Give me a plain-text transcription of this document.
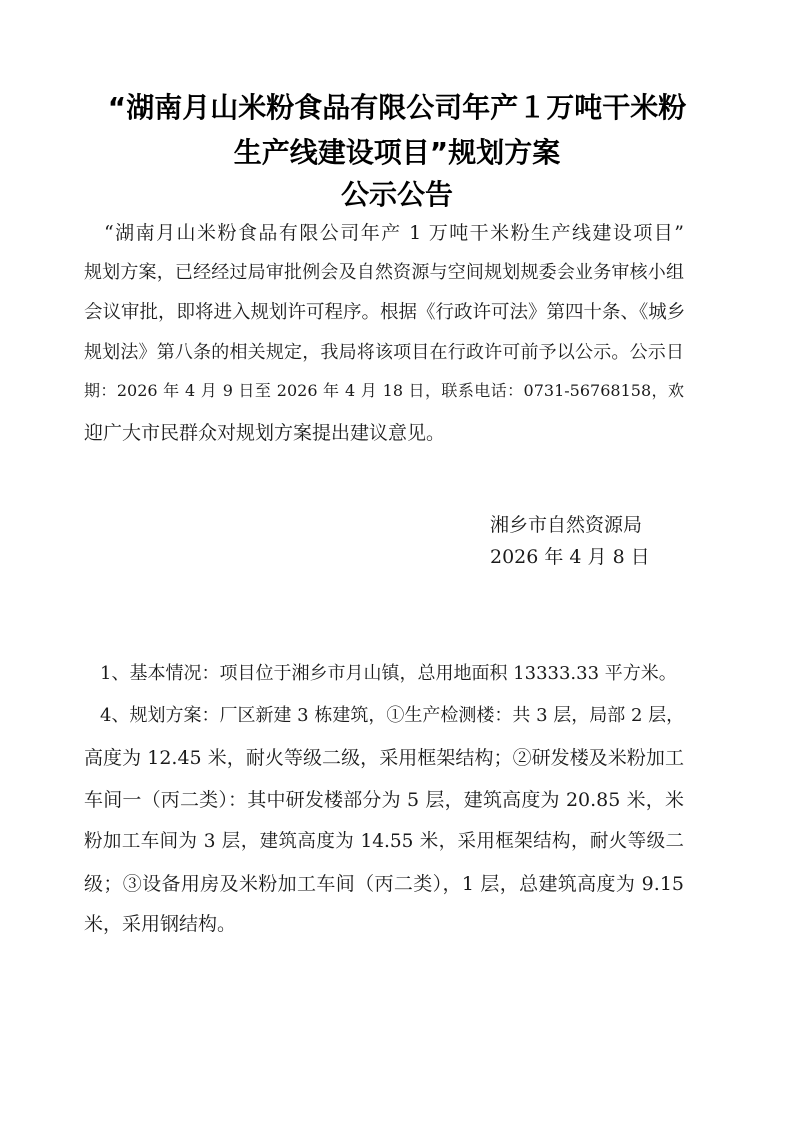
“湖南月山米粉食品有限公司年产１万吨干米粉
生产线建设项目”规划方案
公示公告
“湖南月山米粉食品有限公司年产 1 万吨干米粉生产线建设项目”
规划方案，已经经过局审批例会及自然资源与空间规划规委会业务审核小组
会议审批，即将进入规划许可程序。根据《行政许可法》第四十条、《城乡
规划法》第八条的相关规定，我局将该项目在行政许可前予以公示。公示日
期：2026 年 4 月 9 日至 2026 年 4 月 18 日，联系电话：0731-56768158，欢
迎广大市民群众对规划方案提出建议意见。
湘乡市自然资源局
2026 年 4 月 8 日
1、基本情况：项目位于湘乡市月山镇，总用地面积 13333.33 平方米。
4、规划方案：厂区新建 3 栋建筑，①生产检测楼：共 3 层，局部 2 层，
高度为 12.45 米，耐火等级二级，采用框架结构；②研发楼及米粉加工
车间一（丙二类）：其中研发楼部分为 5 层，建筑高度为 20.85 米，米
粉加工车间为 3 层，建筑高度为 14.55 米，采用框架结构，耐火等级二
级；③设备用房及米粉加工车间（丙二类），1 层，总建筑高度为 9.15
米，采用钢结构。
